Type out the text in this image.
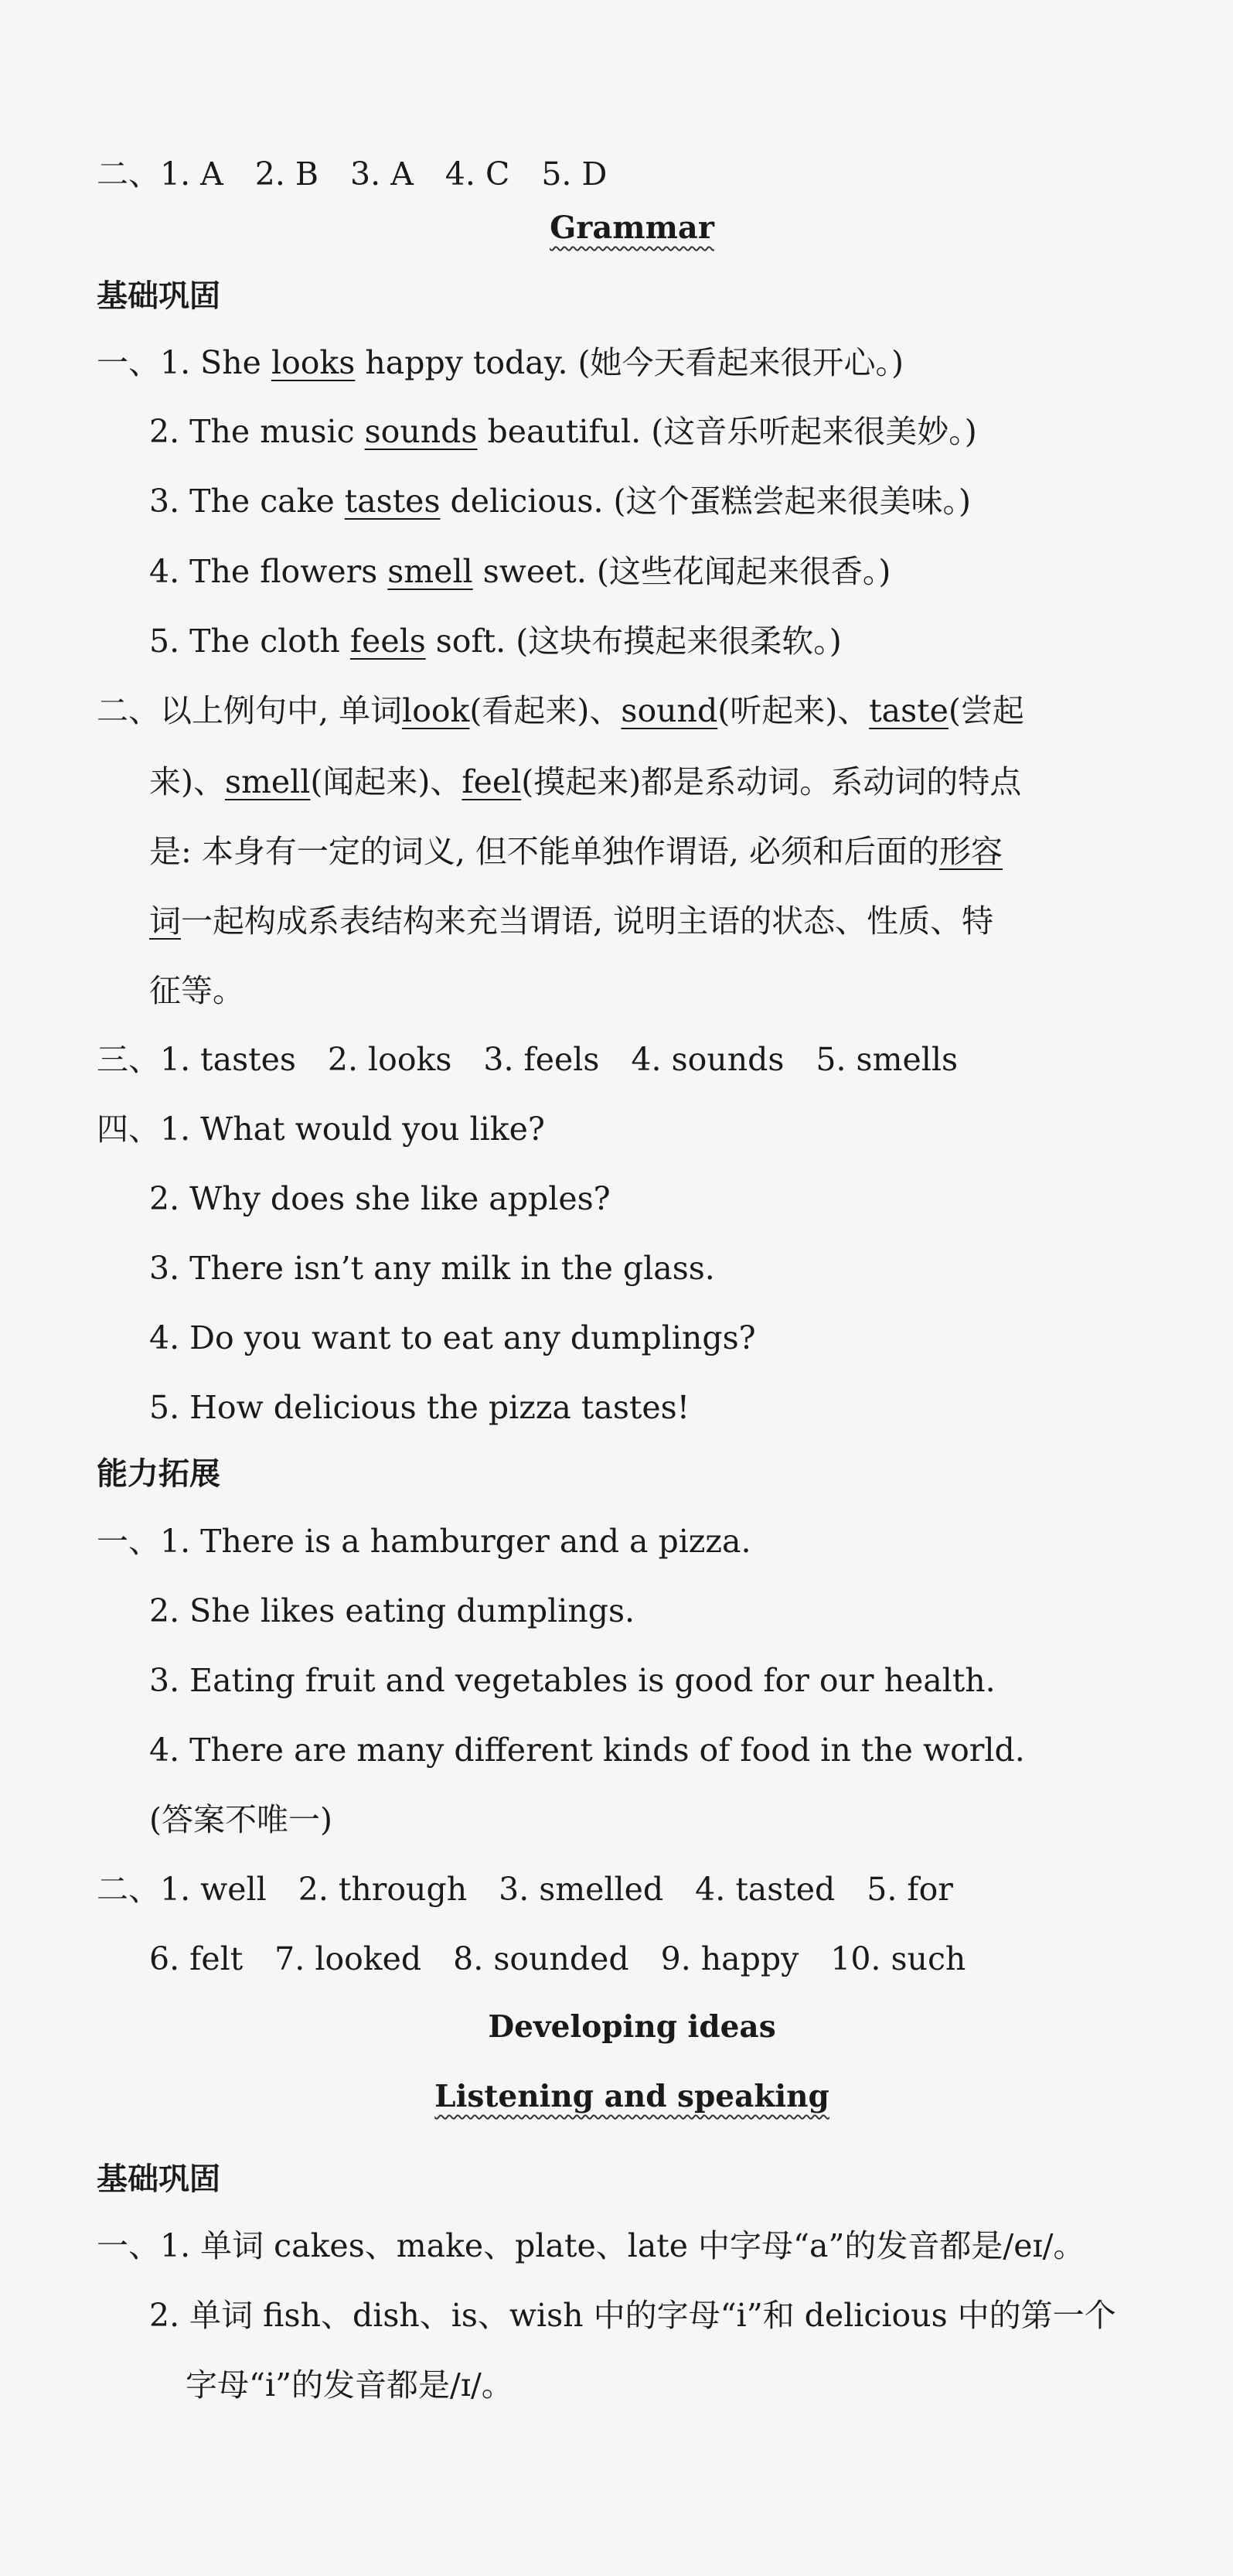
二、1. A　2. B　3. A　4. C　5. D
Grammar
基础巩固
一、1. She looks happy today. (她今天看起来很开心。)
2. The music sounds beautiful. (这音乐听起来很美妙。)
3. The cake tastes delicious. (这个蛋糕尝起来很美味。)
4. The flowers smell sweet. (这些花闻起来很香。)
5. The cloth feels soft. (这块布摸起来很柔软。)
二、以上例句中, 单词look(看起来)、sound(听起来)、taste(尝起
来)、smell(闻起来)、feel(摸起来)都是系动词。系动词的特点
是: 本身有一定的词义, 但不能单独作谓语, 必须和后面的形容
词一起构成系表结构来充当谓语, 说明主语的状态、性质、特
征等。
三、1. tastes　2. looks　3. feels　4. sounds　5. smells
四、1. What would you like?
2. Why does she like apples?
3. There isn’t any milk in the glass.
4. Do you want to eat any dumplings?
5. How delicious the pizza tastes!
能力拓展
一、1. There is a hamburger and a pizza.
2. She likes eating dumplings.
3. Eating fruit and vegetables is good for our health.
4. There are many different kinds of food in the world.
(答案不唯一)
二、1. well　2. through　3. smelled　4. tasted　5. for
6. felt　7. looked　8. sounded　9. happy　10. such
Developing ideas
Listening and speaking
基础巩固
一、1. 单词 cakes、make、plate、late 中字母“a”的发音都是/eɪ/。
2. 单词 fish、dish、is、wish 中的字母“i”和 delicious 中的第一个
字母“i”的发音都是/ɪ/。
